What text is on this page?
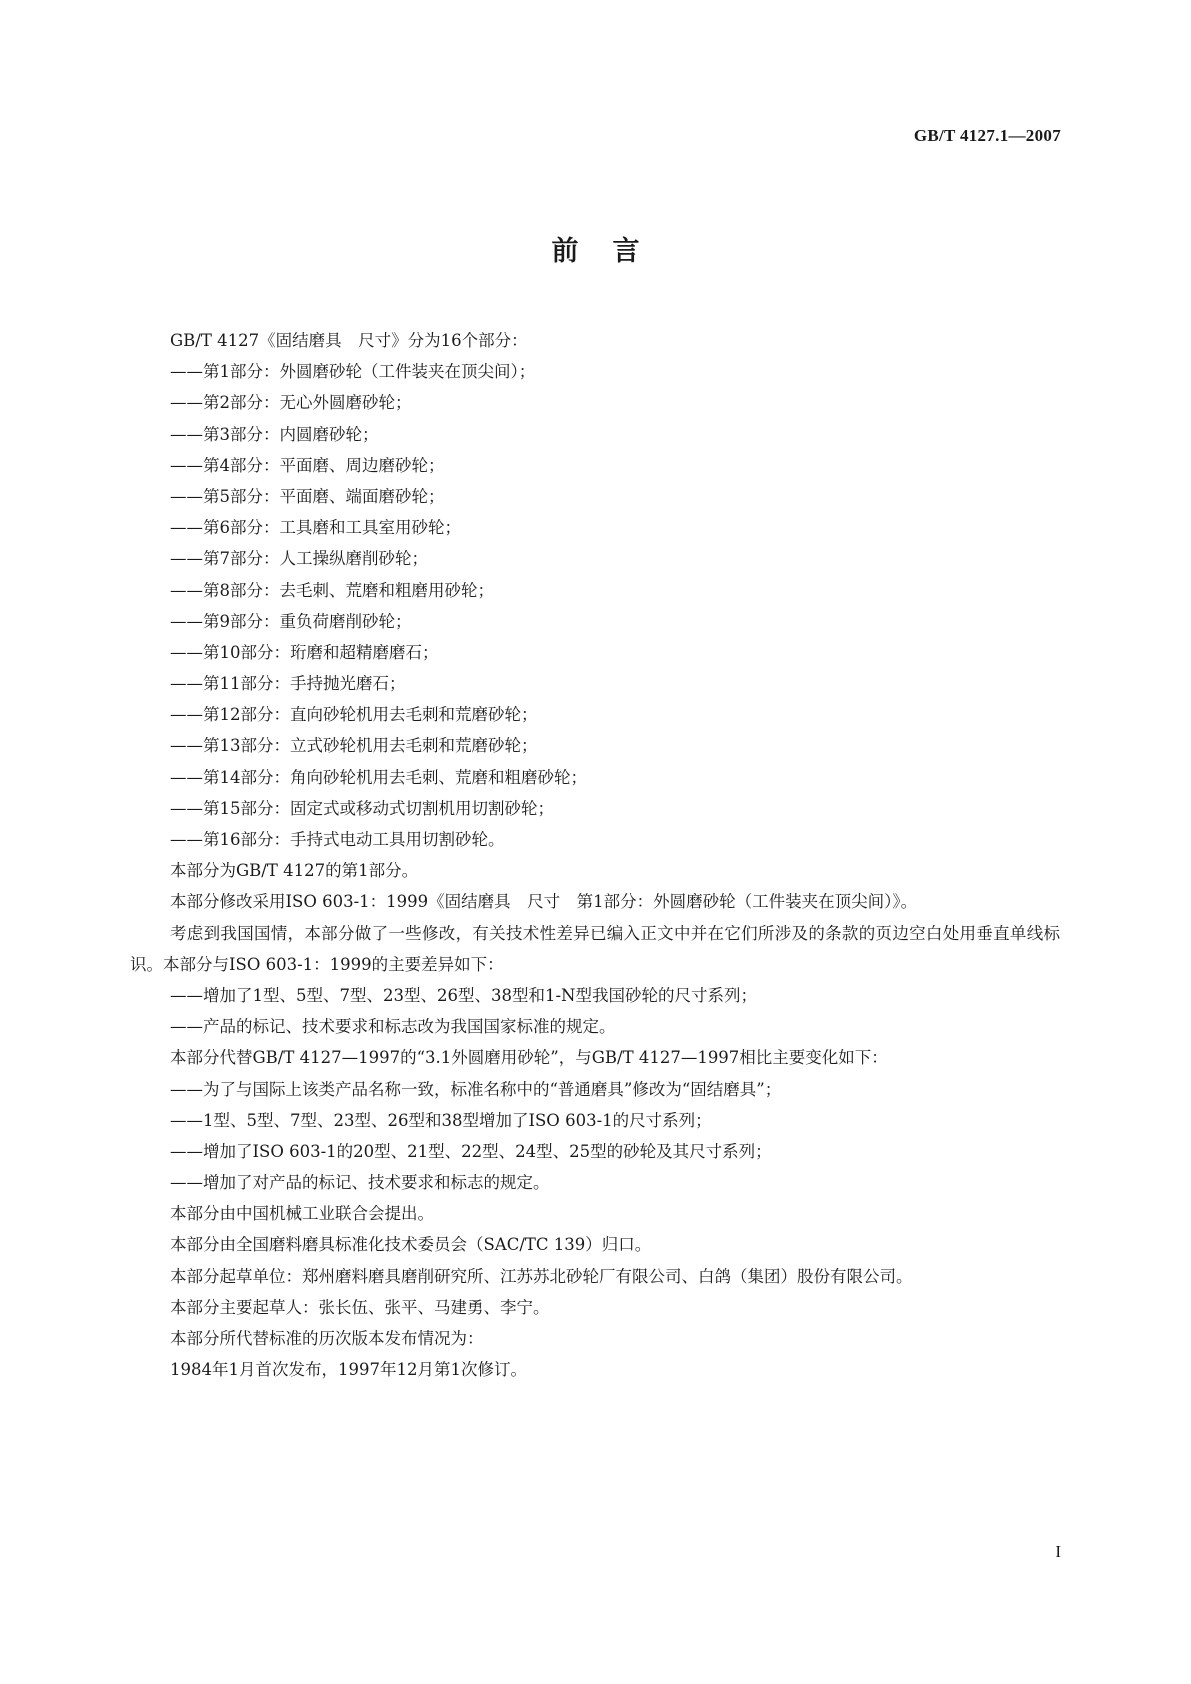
GB/T 4127.1—2007
前言
GB/T 4127《固结磨具　尺寸》分为16个部分：
——第1部分：外圆磨砂轮（工件装夹在顶尖间）；
——第2部分：无心外圆磨砂轮；
——第3部分：内圆磨砂轮；
——第4部分：平面磨、周边磨砂轮；
——第5部分：平面磨、端面磨砂轮；
——第6部分：工具磨和工具室用砂轮；
——第7部分：人工操纵磨削砂轮；
——第8部分：去毛刺、荒磨和粗磨用砂轮；
——第9部分：重负荷磨削砂轮；
——第10部分：珩磨和超精磨磨石；
——第11部分：手持抛光磨石；
——第12部分：直向砂轮机用去毛刺和荒磨砂轮；
——第13部分：立式砂轮机用去毛刺和荒磨砂轮；
——第14部分：角向砂轮机用去毛刺、荒磨和粗磨砂轮；
——第15部分：固定式或移动式切割机用切割砂轮；
——第16部分：手持式电动工具用切割砂轮。
本部分为GB/T 4127的第1部分。
本部分修改采用ISO 603-1：1999《固结磨具　尺寸　第1部分：外圆磨砂轮（工件装夹在顶尖间）》。
考虑到我国国情，本部分做了一些修改，有关技术性差异已编入正文中并在它们所涉及的条款的页边空白处用垂直单线标识。本部分与ISO 603-1：1999的主要差异如下：
——增加了1型、5型、7型、23型、26型、38型和1-N型我国砂轮的尺寸系列；
——产品的标记、技术要求和标志改为我国国家标准的规定。
本部分代替GB/T 4127—1997的“3.1外圆磨用砂轮”，与GB/T 4127—1997相比主要变化如下：
——为了与国际上该类产品名称一致，标准名称中的“普通磨具”修改为“固结磨具”；
——1型、5型、7型、23型、26型和38型增加了ISO 603-1的尺寸系列；
——增加了ISO 603-1的20型、21型、22型、24型、25型的砂轮及其尺寸系列；
——增加了对产品的标记、技术要求和标志的规定。
本部分由中国机械工业联合会提出。
本部分由全国磨料磨具标准化技术委员会（SAC/TC 139）归口。
本部分起草单位：郑州磨料磨具磨削研究所、江苏苏北砂轮厂有限公司、白鸽（集团）股份有限公司。
本部分主要起草人：张长伍、张平、马建勇、李宁。
本部分所代替标准的历次版本发布情况为：
1984年1月首次发布，1997年12月第1次修订。
I
